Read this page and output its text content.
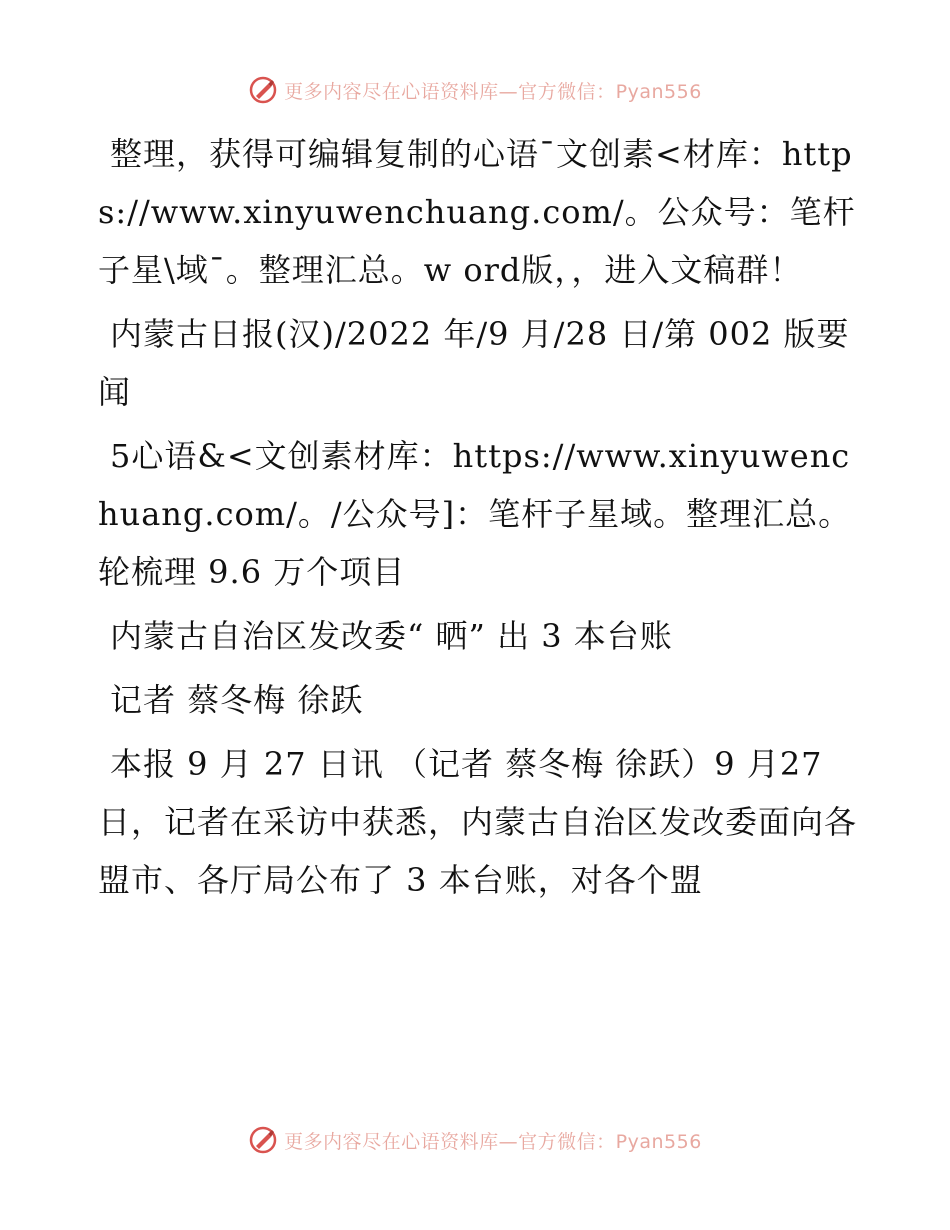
更多内容尽在心语资料库—官方微信：Pyan556

整理，获得可编辑复制的心语¯文创素<材库：https://www.xinyuwenchuang.com/。公众号：笔杆子星\域¯。整理汇总。w ord版，，进入文稿群！

内蒙古日报(汉)/2022 年/9 月/28 日/第 002 版要闻

5心语&<文创素材库：https://www.xinyuwenchuang.com/。/公众号]：笔杆子星域。整理汇总。 轮梳理 9.6 万个项目

内蒙古自治区发改委“ 晒” 出 3 本台账

记者 蔡冬梅 徐跃

本报 9 月 27 日讯 （记者 蔡冬梅 徐跃）9 月27 日，记者在采访中获悉，内蒙古自治区发改委面向各盟市、各厅局公布了 3 本台账，对各个盟

更多内容尽在心语资料库—官方微信：Pyan556
